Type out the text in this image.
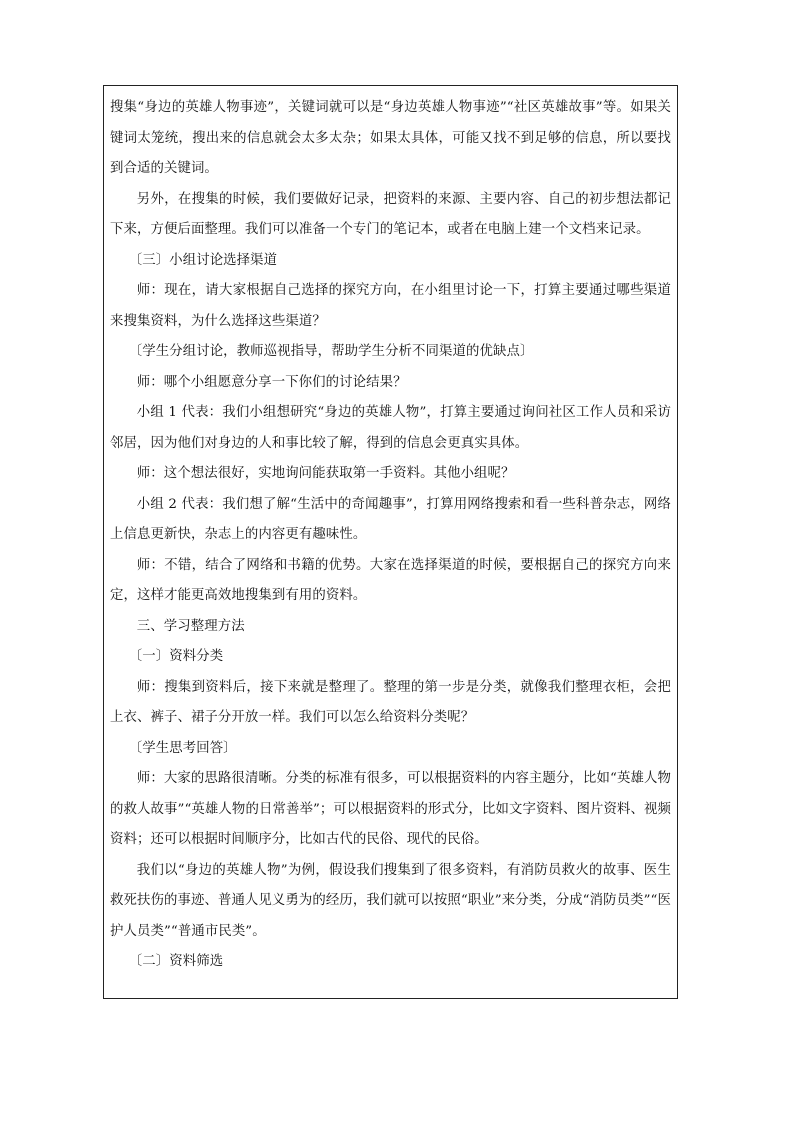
搜集“身边的英雄人物事迹”，关键词就可以是“身边英雄人物事迹”“社区英雄故事”等。如果关键词太笼统，搜出来的信息就会太多太杂；如果太具体，可能又找不到足够的信息，所以要找到合适的关键词。

另外，在搜集的时候，我们要做好记录，把资料的来源、主要内容、自己的初步想法都记下来，方便后面整理。我们可以准备一个专门的笔记本，或者在电脑上建一个文档来记录。

〔三〕小组讨论选择渠道

师：现在，请大家根据自己选择的探究方向，在小组里讨论一下，打算主要通过哪些渠道来搜集资料，为什么选择这些渠道？

〔学生分组讨论，教师巡视指导，帮助学生分析不同渠道的优缺点〕

师：哪个小组愿意分享一下你们的讨论结果？

小组 1 代表：我们小组想研究“身边的英雄人物”，打算主要通过询问社区工作人员和采访邻居，因为他们对身边的人和事比较了解，得到的信息会更真实具体。

师：这个想法很好，实地询问能获取第一手资料。其他小组呢？

小组 2 代表：我们想了解“生活中的奇闻趣事”，打算用网络搜索和看一些科普杂志，网络上信息更新快，杂志上的内容更有趣味性。

师：不错，结合了网络和书籍的优势。大家在选择渠道的时候，要根据自己的探究方向来定，这样才能更高效地搜集到有用的资料。

三、学习整理方法

〔一〕资料分类

师：搜集到资料后，接下来就是整理了。整理的第一步是分类，就像我们整理衣柜，会把上衣、裤子、裙子分开放一样。我们可以怎么给资料分类呢？

〔学生思考回答〕

师：大家的思路很清晰。分类的标准有很多，可以根据资料的内容主题分，比如“英雄人物的救人故事”“英雄人物的日常善举”；可以根据资料的形式分，比如文字资料、图片资料、视频资料；还可以根据时间顺序分，比如古代的民俗、现代的民俗。

我们以“身边的英雄人物”为例，假设我们搜集到了很多资料，有消防员救火的故事、医生救死扶伤的事迹、普通人见义勇为的经历，我们就可以按照“职业”来分类，分成“消防员类”“医护人员类”“普通市民类”。

〔二〕资料筛选
